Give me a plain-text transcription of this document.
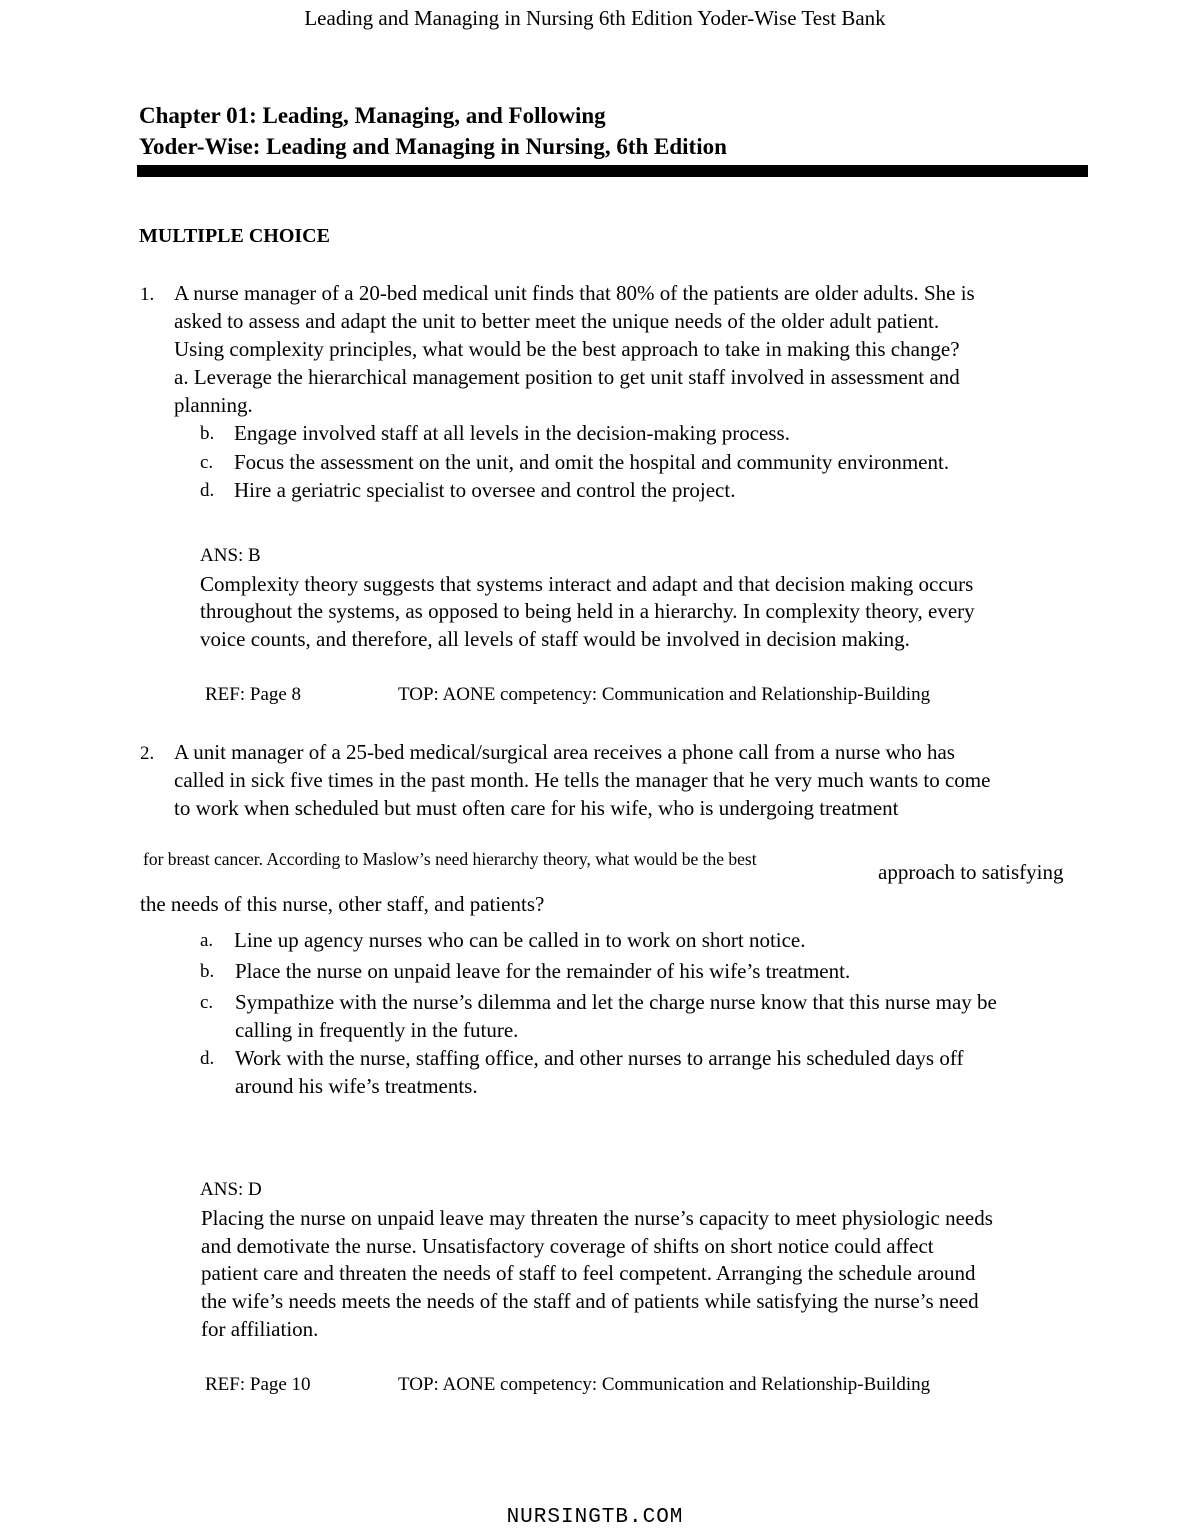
Leading and Managing in Nursing 6th Edition Yoder-Wise Test Bank
Chapter 01: Leading, Managing, and Following
Yoder-Wise: Leading and Managing in Nursing, 6th Edition
MULTIPLE CHOICE
1. A nurse manager of a 20-bed medical unit finds that 80% of the patients are older adults. She is
asked to assess and adapt the unit to better meet the unique needs of the older adult patient.
Using complexity principles, what would be the best approach to take in making this change?
a. Leverage the hierarchical management position to get unit staff involved in assessment and
planning.
b. Engage involved staff at all levels in the decision-making process.
c. Focus the assessment on the unit, and omit the hospital and community environment.
d. Hire a geriatric specialist to oversee and control the project.
ANS: B
Complexity theory suggests that systems interact and adapt and that decision making occurs
throughout the systems, as opposed to being held in a hierarchy. In complexity theory, every
voice counts, and therefore, all levels of staff would be involved in decision making.
REF: Page 8	TOP: AONE competency: Communication and Relationship-Building
2. A unit manager of a 25-bed medical/surgical area receives a phone call from a nurse who has
called in sick five times in the past month. He tells the manager that he very much wants to come
to work when scheduled but must often care for his wife, who is undergoing treatment
for breast cancer. According to Maslow’s need hierarchy theory, what would be the best
approach to satisfying
the needs of this nurse, other staff, and patients?
a. Line up agency nurses who can be called in to work on short notice.
b. Place the nurse on unpaid leave for the remainder of his wife’s treatment.
c. Sympathize with the nurse’s dilemma and let the charge nurse know that this nurse may be
calling in frequently in the future.
d. Work with the nurse, staffing office, and other nurses to arrange his scheduled days off
around his wife’s treatments.
ANS: D
Placing the nurse on unpaid leave may threaten the nurse’s capacity to meet physiologic needs
and demotivate the nurse. Unsatisfactory coverage of shifts on short notice could affect
patient care and threaten the needs of staff to feel competent. Arranging the schedule around
the wife’s needs meets the needs of the staff and of patients while satisfying the nurse’s need
for affiliation.
REF: Page 10	TOP: AONE competency: Communication and Relationship-Building
NURSINGTB.COM
